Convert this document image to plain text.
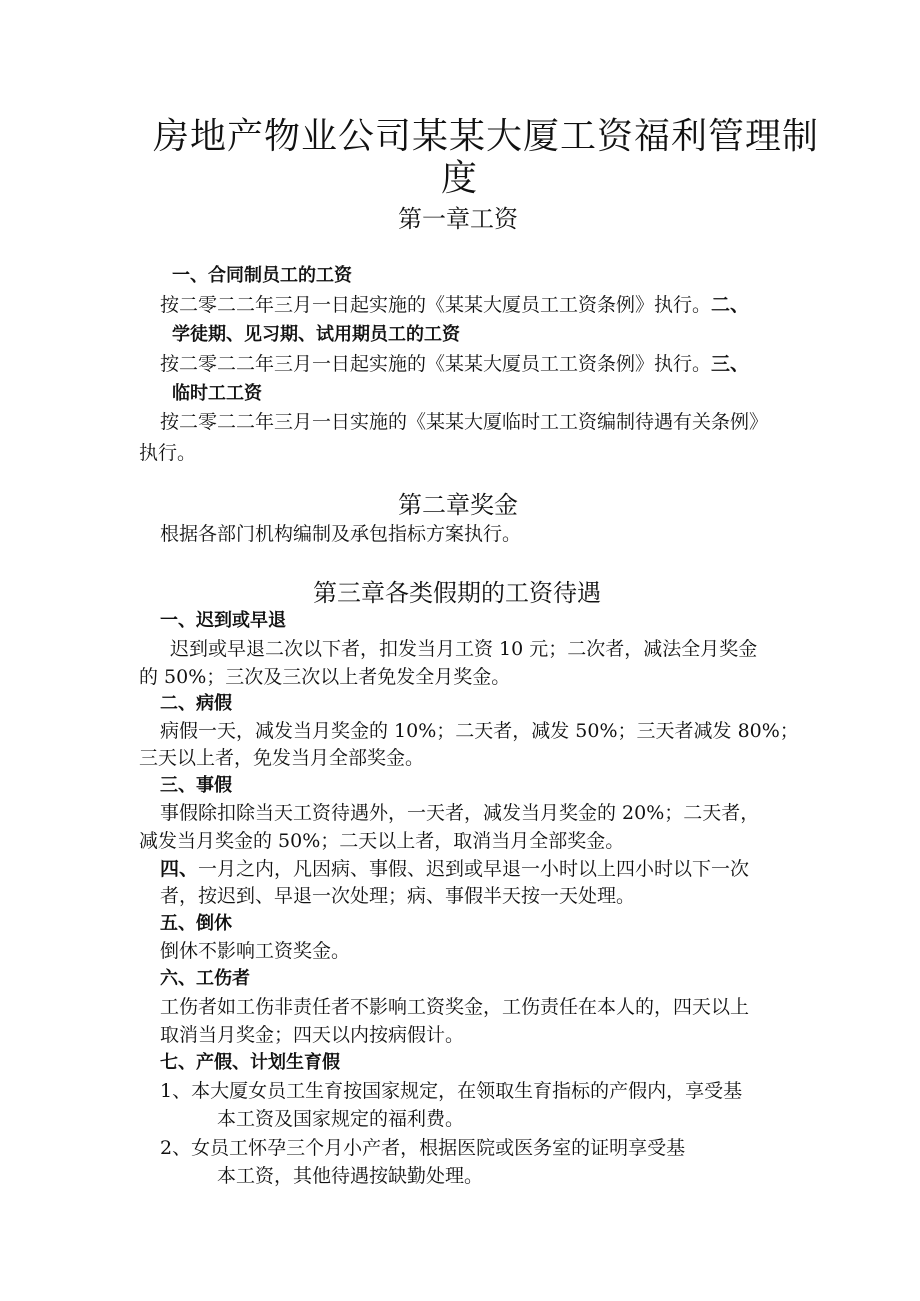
房地产物业公司某某大厦工资福利管理制
度
第一章工资
一、合同制员工的工资
按二零二二年三月一日起实施的《某某大厦员工工资条例》执行。二、
学徒期、见习期、试用期员工的工资
按二零二二年三月一日起实施的《某某大厦员工工资条例》执行。三、
临时工工资
按二零二二年三月一日实施的《某某大厦临时工工资编制待遇有关条例》
执行。
第二章奖金
根据各部门机构编制及承包指标方案执行。
第三章各类假期的工资待遇
一、迟到或早退
迟到或早退二次以下者，扣发当月工资 10 元；二次者，减法全月奖金
的 50%；三次及三次以上者免发全月奖金。
二、病假
病假一天，减发当月奖金的 10%；二天者，减发 50%；三天者减发 80%；
三天以上者，免发当月全部奖金。
三、事假
事假除扣除当天工资待遇外，一天者，减发当月奖金的 20%；二天者，
减发当月奖金的 50%；二天以上者，取消当月全部奖金。
四、一月之内，凡因病、事假、迟到或早退一小时以上四小时以下一次
者，按迟到、早退一次处理；病、事假半天按一天处理。
五、倒休
倒休不影响工资奖金。
六、工伤者
工伤者如工伤非责任者不影响工资奖金，工伤责任在本人的，四天以上
取消当月奖金；四天以内按病假计。
七、产假、计划生育假
1、本大厦女员工生育按国家规定，在领取生育指标的产假内，享受基
本工资及国家规定的福利费。
2、女员工怀孕三个月小产者，根据医院或医务室的证明享受基
本工资，其他待遇按缺勤处理。
